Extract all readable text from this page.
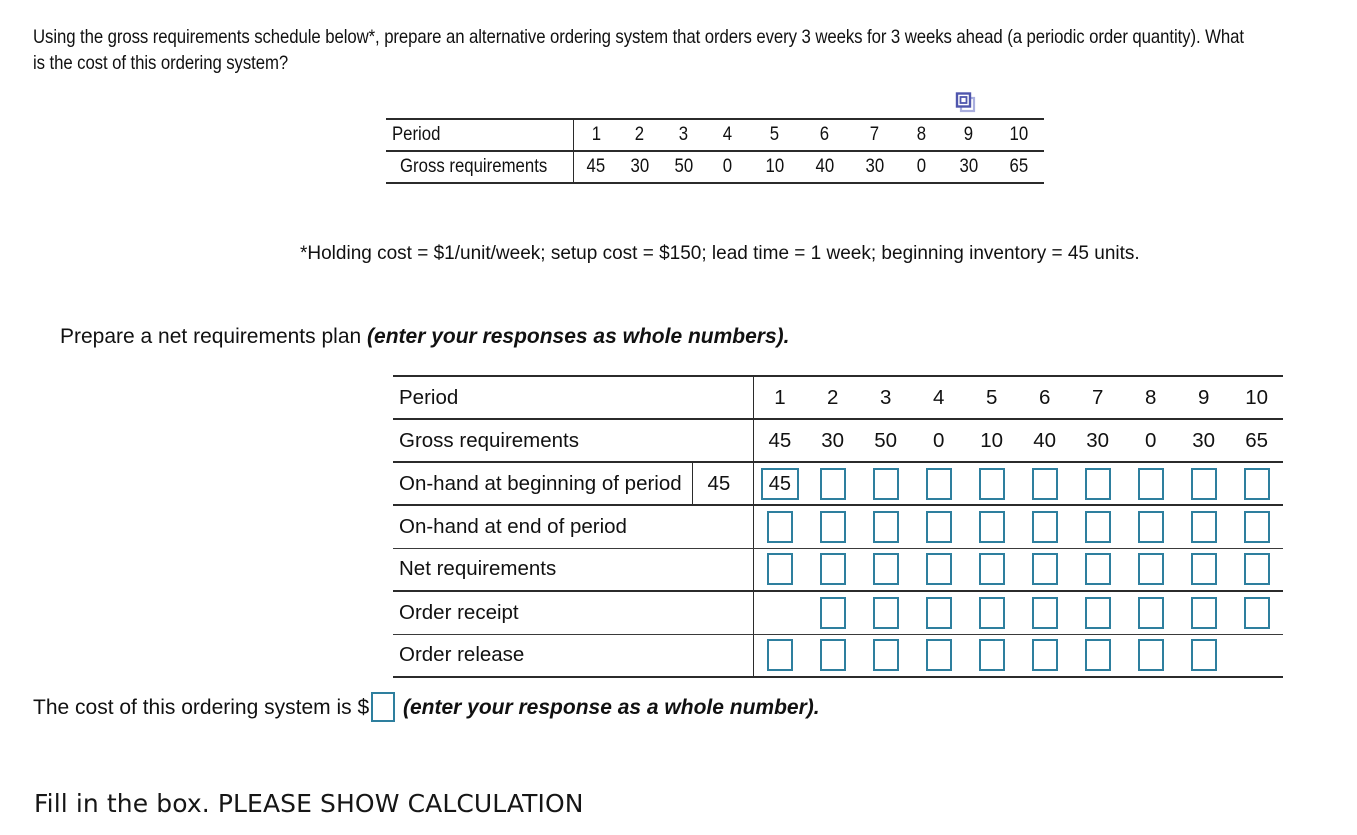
Using the gross requirements schedule below*, prepare an alternative ordering system that orders every 3 weeks for 3 weeks ahead (a periodic order quantity). What
is the cost of this ordering system?
Period	1	2	3	4	5	6	7	8	9	10
Gross requirements	45	30	50	0	10	40	30	0	30	65
*Holding cost = $1/unit/week; setup cost = $150; lead time = 1 week; beginning inventory = 45 units.
Prepare a net requirements plan (enter your responses as whole numbers).
Period			1	2	3	4	5	6	7	8	9	10
Gross requirements			45	30	50	0	10	40	30	0	30	65
On-hand at beginning of period	45		45									
On-hand at end of period												
Net requirements												
Order receipt												
Order release												
The cost of this ordering system is $ (enter your response as a whole number).
Fill in the box. PLEASE SHOW CALCULATION
